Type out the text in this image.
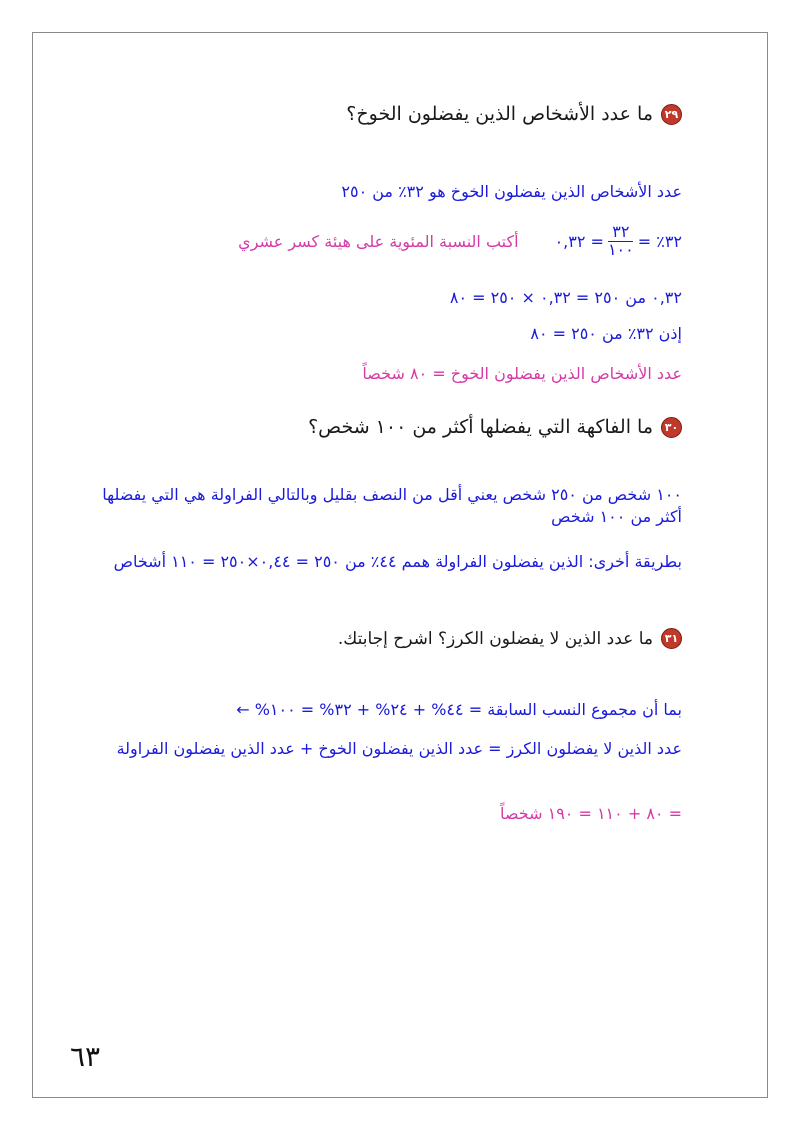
٢٩
ما عدد الأشخاص الذين يفضلون الخوخ؟
عدد الأشخاص الذين يفضلون الخوخ هو ٣٢٪ من ٢٥٠
٣٢٪ =
$\frac{٣٢}{١٠٠}$
= ٠,٣٢
أكتب النسبة المئوية على هيئة كسر عشري
٠,٣٢ من ٢٥٠ = ٠,٣٢ × ٢٥٠ = ٨٠
إذن ٣٢٪ من ٢٥٠ = ٨٠
عدد الأشخاص الذين يفضلون الخوخ = ٨٠ شخصاً
٣٠
ما الفاكهة التي يفضلها أكثر من ١٠٠ شخص؟
١٠٠ شخص من ٢٥٠ شخص يعني أقل من النصف بقليل وبالتالي الفراولة هي التي يفضلها أكثر من ١٠٠ شخص
بطريقة أخرى: الذين يفضلون الفراولة همم ٤٤٪ من ٢٥٠ = ٠,٤٤×٢٥٠ = ١١٠ أشخاص
٣١
ما عدد الذين لا يفضلون الكرز؟ اشرح إجابتك.
بما أن مجموع النسب السابقة = ٤٤% + ٢٤% + ٣٢% = ١٠٠% ←
عدد الذين لا يفضلون الكرز = عدد الذين يفضلون الخوخ + عدد الذين يفضلون الفراولة
= ٨٠ + ١١٠ = ١٩٠ شخصاً
٦٣
